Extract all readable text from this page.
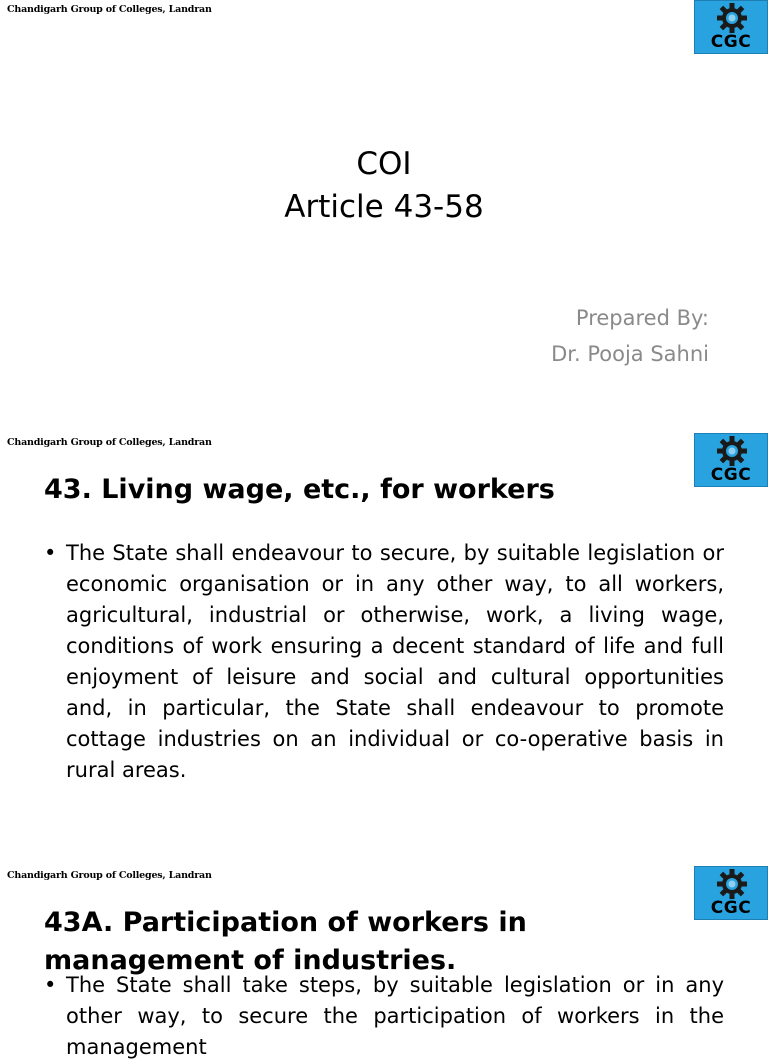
Chandigarh Group of Colleges, Landran
CGC
COI
Article 43-58
Prepared By:
Dr. Pooja Sahni
Chandigarh Group of Colleges, Landran
CGC
43. Living wage, etc., for workers
• The State shall endeavour to secure, by suitable legislation or economic organisation or in any other way, to all workers, agricultural, industrial or otherwise, work, a living wage, conditions of work ensuring a decent standard of life and full enjoyment of leisure and social and cultural opportunities and, in particular, the State shall endeavour to promote cottage industries on an individual or co-operative basis in rural areas.
Chandigarh Group of Colleges, Landran
CGC
43A. Participation of workers in management of industries.
• The State shall take steps, by suitable legislation or in any other way, to secure the participation of workers in the management
